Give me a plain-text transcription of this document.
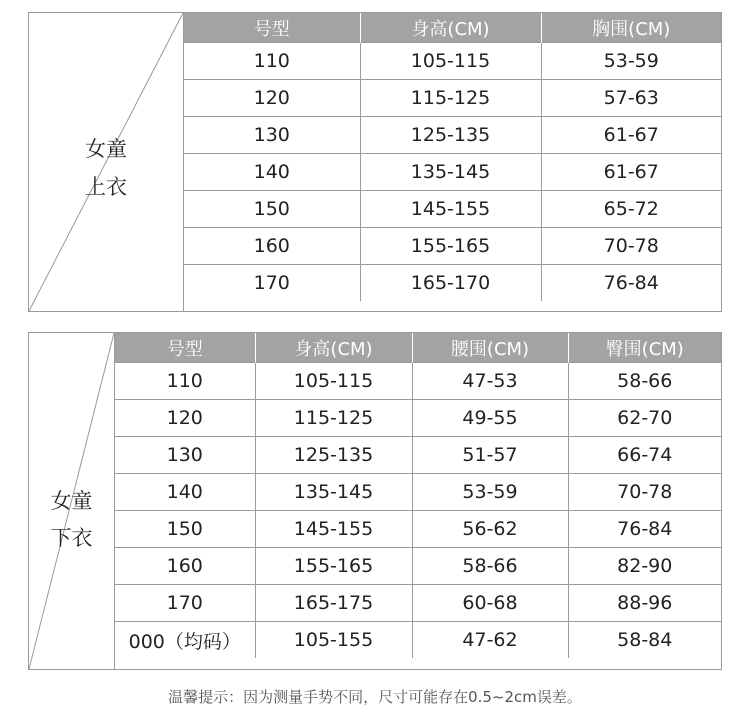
女童
上衣
号型	身高(CM)	胸围(CM)
110	105-115	53-59
120	115-125	57-63
130	125-135	61-67
140	135-145	61-67
150	145-155	65-72
160	155-165	70-78
170	165-170	76-84
女童
下衣
号型	身高(CM)	腰围(CM)	臀围(CM)
110	105-115	47-53	58-66
120	115-125	49-55	62-70
130	125-135	51-57	66-74
140	135-145	53-59	70-78
150	145-155	56-62	76-84
160	155-165	58-66	82-90
170	165-175	60-68	88-96
000（均码）	105-155	47-62	58-84
温馨提示：因为测量手势不同，尺寸可能存在0.5~2cm误差。
